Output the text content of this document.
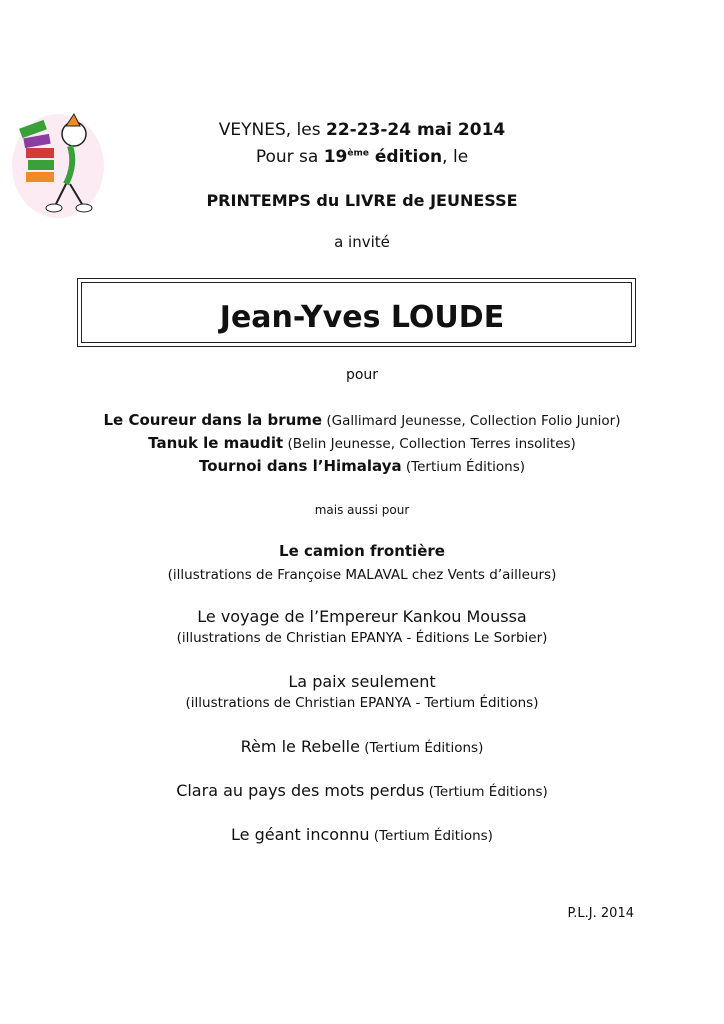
VEYNES, les 22-23-24 mai 2014
Pour sa 19ème édition, le
PRINTEMPS du LIVRE de JEUNESSE
a invité
Jean-Yves LOUDE
pour
Le Coureur dans la brume (Gallimard Jeunesse, Collection Folio Junior)
Tanuk le maudit (Belin Jeunesse, Collection Terres insolites)
Tournoi dans l’Himalaya (Tertium Éditions)
mais aussi pour
Le camion frontière
(illustrations de Françoise MALAVAL chez Vents d’ailleurs)
Le voyage de l’Empereur Kankou Moussa
(illustrations de Christian EPANYA - Éditions Le Sorbier)
La paix seulement
(illustrations de Christian EPANYA - Tertium Éditions)
Rèm le Rebelle (Tertium Éditions)
Clara au pays des mots perdus (Tertium Éditions)
Le géant inconnu (Tertium Éditions)
P.L.J. 2014
